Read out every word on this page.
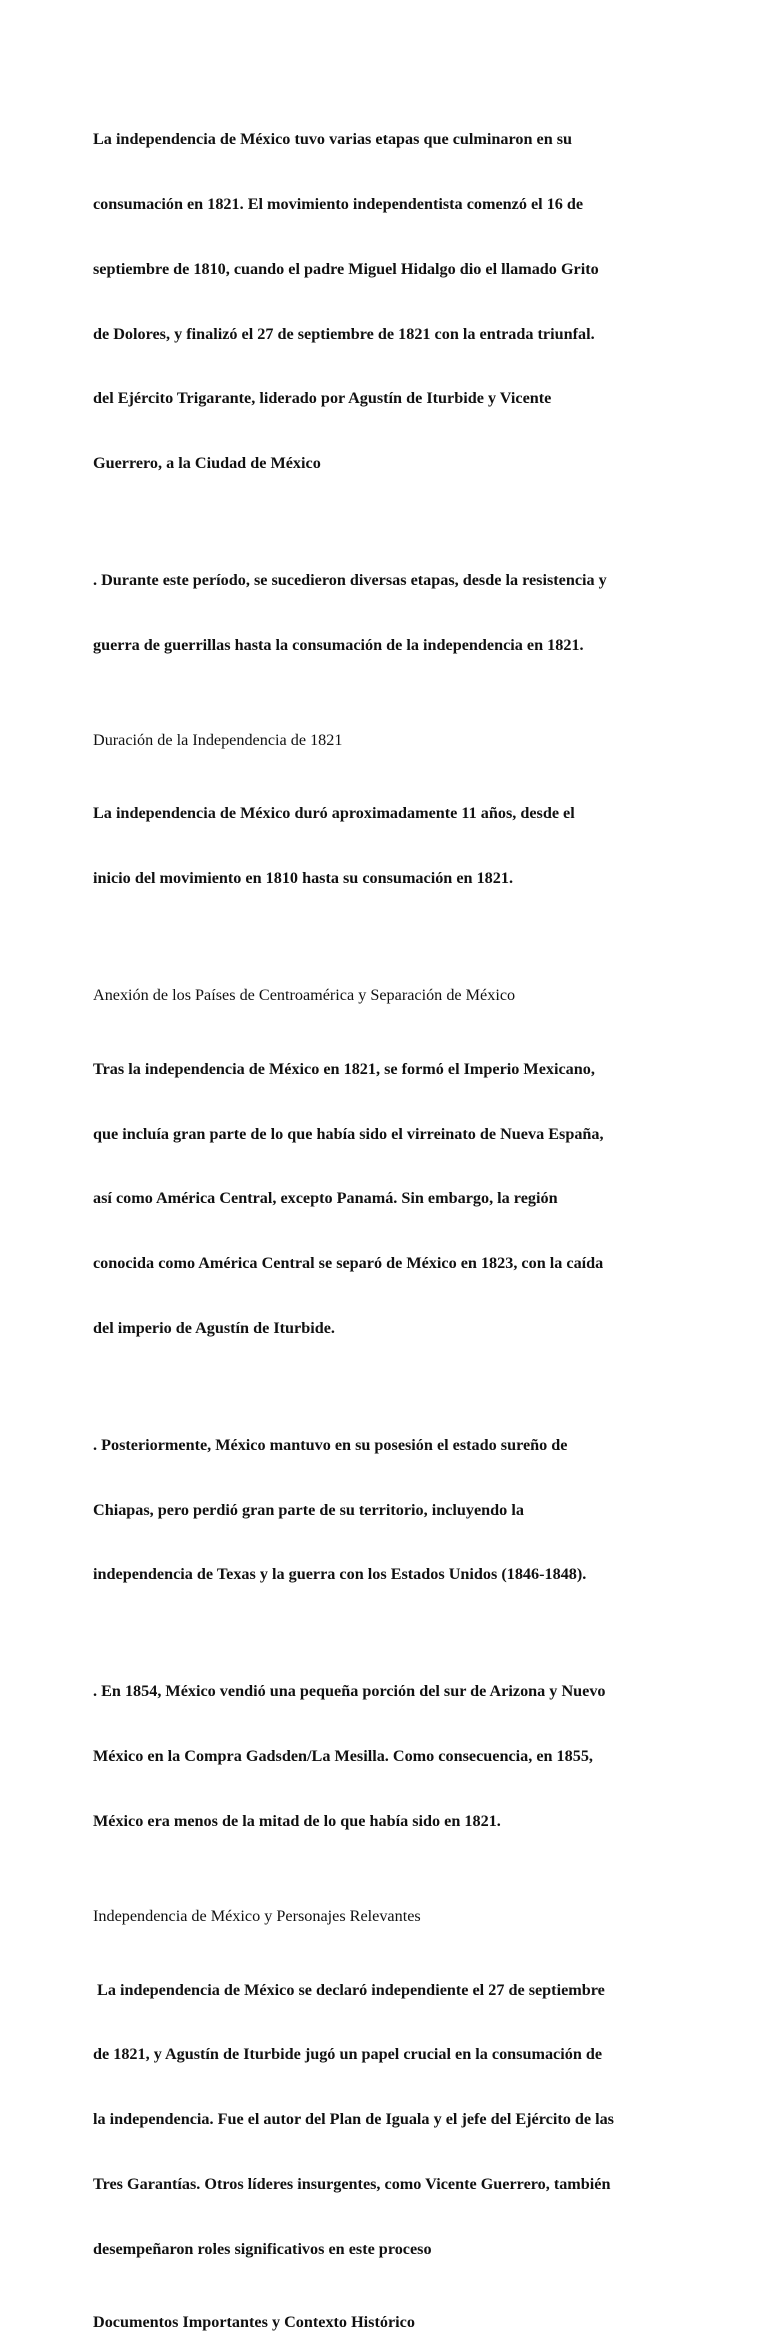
La independencia de México tuvo varias etapas que culminaron en su

consumación en 1821. El movimiento independentista comenzó el 16 de

septiembre de 1810, cuando el padre Miguel Hidalgo dio el llamado Grito

de Dolores, y finalizó el 27 de septiembre de 1821 con la entrada triunfal.

del Ejército Trigarante, liderado por Agustín de Iturbide y Vicente

Guerrero, a la Ciudad de México

. Durante este período, se sucedieron diversas etapas, desde la resistencia y

guerra de guerrillas hasta la consumación de la independencia en 1821.

Duración de la Independencia de 1821

La independencia de México duró aproximadamente 11 años, desde el

inicio del movimiento en 1810 hasta su consumación en 1821.

Anexión de los Países de Centroamérica y Separación de México

Tras la independencia de México en 1821, se formó el Imperio Mexicano,

que incluía gran parte de lo que había sido el virreinato de Nueva España,

así como América Central, excepto Panamá. Sin embargo, la región

conocida como América Central se separó de México en 1823, con la caída

del imperio de Agustín de Iturbide.

. Posteriormente, México mantuvo en su posesión el estado sureño de

Chiapas, pero perdió gran parte de su territorio, incluyendo la

independencia de Texas y la guerra con los Estados Unidos (1846-1848).

. En 1854, México vendió una pequeña porción del sur de Arizona y Nuevo

México en la Compra Gadsden/La Mesilla. Como consecuencia, en 1855,

México era menos de la mitad de lo que había sido en 1821.

Independencia de México y Personajes Relevantes

La independencia de México se declaró independiente el 27 de septiembre

de 1821, y Agustín de Iturbide jugó un papel crucial en la consumación de

la independencia. Fue el autor del Plan de Iguala y el jefe del Ejército de las

Tres Garantías. Otros líderes insurgentes, como Vicente Guerrero, también

desempeñaron roles significativos en este proceso

Documentos Importantes y Contexto Histórico
